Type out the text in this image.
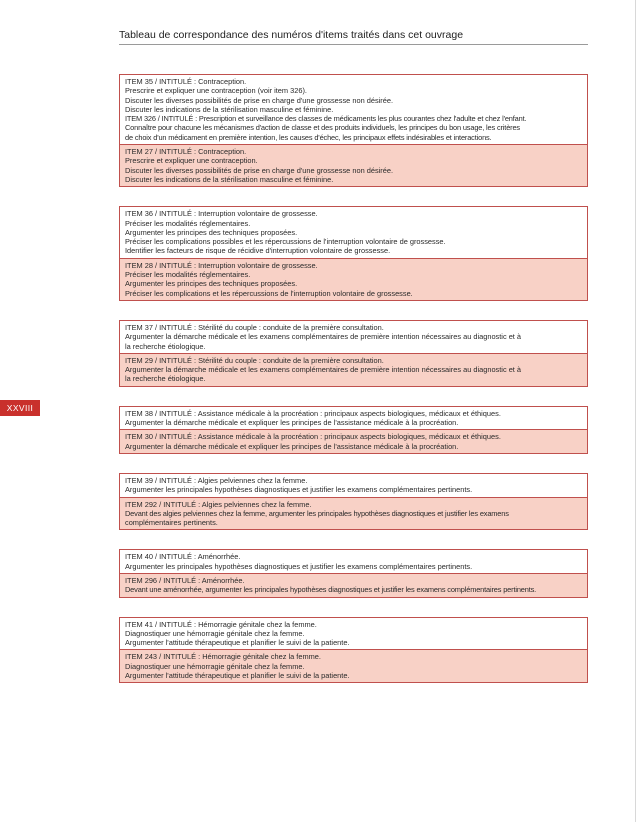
Tableau de correspondance des numéros d'items traités dans cet ouvrage
XXVIII
ITEM 35 / INTITULÉ : Contraception.
Prescrire et expliquer une contraception (voir item 326).
Discuter les diverses possibilités de prise en charge d'une grossesse non désirée.
Discuter les indications de la stérilisation masculine et féminine.
ITEM 326 / INTITULÉ : Prescription et surveillance des classes de médicaments les plus courantes chez l'adulte et chez l'enfant.
Connaître pour chacune les mécanismes d'action de classe et des produits individuels, les principes du bon usage, les critères
de choix d'un médicament en première intention, les causes d'échec, les principaux effets indésirables et interactions.
ITEM 27 / INTITULÉ : Contraception.
Prescrire et expliquer une contraception.
Discuter les diverses possibilités de prise en charge d'une grossesse non désirée.
Discuter les indications de la stérilisation masculine et féminine.
ITEM 36 / INTITULÉ : Interruption volontaire de grossesse.
Préciser les modalités réglementaires.
Argumenter les principes des techniques proposées.
Préciser les complications possibles et les répercussions de l'interruption volontaire de grossesse.
Identifier les facteurs de risque de récidive d'interruption volontaire de grossesse.
ITEM 28 / INTITULÉ : Interruption volontaire de grossesse.
Préciser les modalités réglementaires.
Argumenter les principes des techniques proposées.
Préciser les complications et les répercussions de l'interruption volontaire de grossesse.
ITEM 37 / INTITULÉ : Stérilité du couple : conduite de la première consultation.
Argumenter la démarche médicale et les examens complémentaires de première intention nécessaires au diagnostic et à
la recherche étiologique.
ITEM 29 / INTITULÉ : Stérilité du couple : conduite de la première consultation.
Argumenter la démarche médicale et les examens complémentaires de première intention nécessaires au diagnostic et à
la recherche étiologique.
ITEM 38 / INTITULÉ : Assistance médicale à la procréation : principaux aspects biologiques, médicaux et éthiques.
Argumenter la démarche médicale et expliquer les principes de l'assistance médicale à la procréation.
ITEM 30 / INTITULÉ : Assistance médicale à la procréation : principaux aspects biologiques, médicaux et éthiques.
Argumenter la démarche médicale et expliquer les principes de l'assistance médicale à la procréation.
ITEM 39 / INTITULÉ : Algies pelviennes chez la femme.
Argumenter les principales hypothèses diagnostiques et justifier les examens complémentaires pertinents.
ITEM 292 / INTITULÉ : Algies pelviennes chez la femme.
Devant des algies pelviennes chez la femme, argumenter les principales hypothèses diagnostiques et justifier les examens
complémentaires pertinents.
ITEM 40 / INTITULÉ : Aménorrhée.
Argumenter les principales hypothèses diagnostiques et justifier les examens complémentaires pertinents.
ITEM 296 / INTITULÉ : Aménorrhée.
Devant une aménorrhée, argumenter les principales hypothèses diagnostiques et justifier les examens complémentaires pertinents.
ITEM 41 / INTITULÉ : Hémorragie génitale chez la femme.
Diagnostiquer une hémorragie génitale chez la femme.
Argumenter l'attitude thérapeutique et planifier le suivi de la patiente.
ITEM 243 / INTITULÉ : Hémorragie génitale chez la femme.
Diagnostiquer une hémorragie génitale chez la femme.
Argumenter l'attitude thérapeutique et planifier le suivi de la patiente.
